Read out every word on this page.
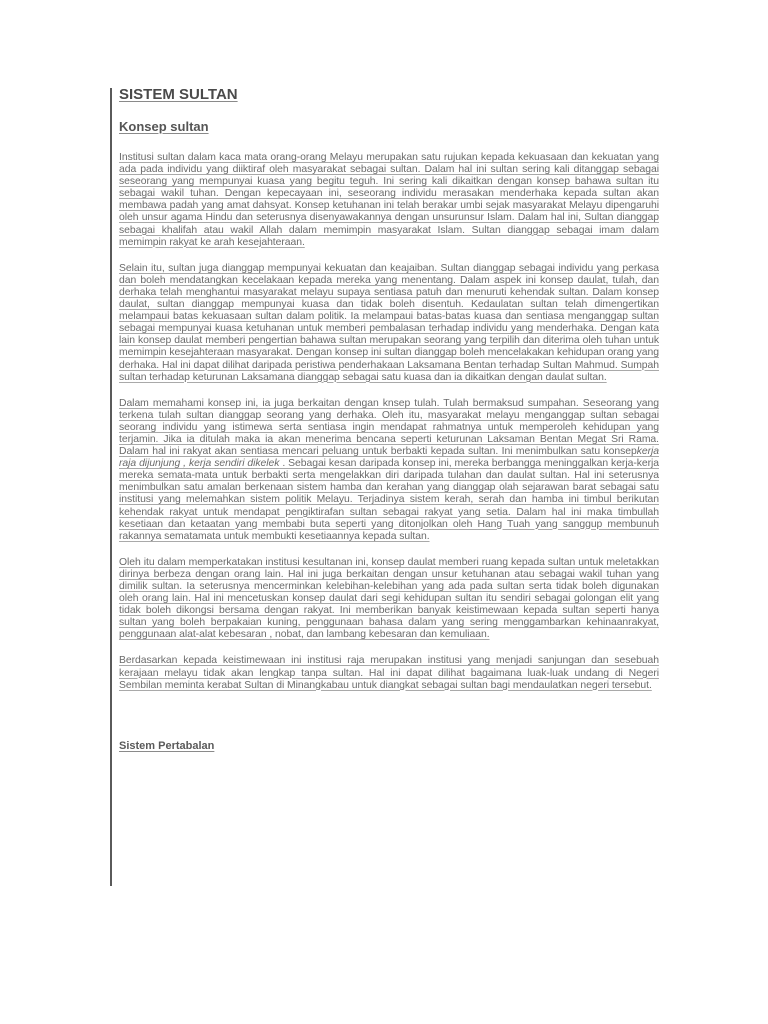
SISTEM SULTAN
Konsep sultan

Institusi sultan dalam kaca mata orang-orang Melayu merupakan satu rujukan kepada kekuasaan dan kekuatan yang ada pada individu yang diiktiraf oleh masyarakat sebagai sultan. Dalam hal ini sultan sering kali ditanggap sebagai seseorang yang mempunyai kuasa yang begitu teguh. Ini sering kali dikaitkan dengan konsep bahawa sultan itu sebagai wakil tuhan. Dengan kepecayaan ini, seseorang individu merasakan menderhaka kepada sultan akan membawa padah yang amat dahsyat. Konsep ketuhanan ini telah berakar umbi sejak masyarakat Melayu dipengaruhi oleh unsur agama Hindu dan seterusnya disenyawakannya dengan unsurunsur Islam. Dalam hal ini, Sultan dianggap sebagai khalifah atau wakil Allah dalam memimpin masyarakat Islam. Sultan dianggap sebagai imam dalam memimpin rakyat ke arah kesejahteraan.

Selain itu, sultan juga dianggap mempunyai kekuatan dan keajaiban. Sultan dianggap sebagai individu yang perkasa dan boleh mendatangkan kecelakaan kepada mereka yang menentang. Dalam aspek ini konsep daulat, tulah, dan derhaka telah menghantui masyarakat melayu supaya sentiasa patuh dan menuruti kehendak sultan. Dalam konsep daulat, sultan dianggap mempunyai kuasa dan tidak boleh disentuh. Kedaulatan sultan telah dimengertikan melampaui batas kekuasaan sultan dalam politik. Ia melampaui batas-batas kuasa dan sentiasa menganggap sultan sebagai mempunyai kuasa ketuhanan untuk memberi pembalasan terhadap individu yang menderhaka. Dengan kata lain konsep daulat memberi pengertian bahawa sultan merupakan seorang yang terpilih dan diterima oleh tuhan untuk memimpin kesejahteraan masyarakat. Dengan konsep ini sultan dianggap boleh mencelakakan kehidupan orang yang derhaka. Hal ini dapat dilihat daripada peristiwa penderhakaan Laksamana Bentan terhadap Sultan Mahmud. Sumpah sultan terhadap keturunan Laksamana dianggap sebagai satu kuasa dan ia dikaitkan dengan daulat sultan.

Dalam memahami konsep ini, ia juga berkaitan dengan knsep tulah. Tulah bermaksud sumpahan. Seseorang yang terkena tulah sultan dianggap seorang yang derhaka. Oleh itu, masyarakat melayu menganggap sultan sebagai seorang individu yang istimewa serta sentiasa ingin mendapat rahmatnya untuk memperoleh kehidupan yang terjamin. Jika ia ditulah maka ia akan menerima bencana seperti keturunan Laksaman Bentan Megat Sri Rama. Dalam hal ini rakyat akan sentiasa mencari peluang untuk berbakti kepada sultan. Ini menimbulkan satu konsepkerja raja dijunjung , kerja sendiri dikelek . Sebagai kesan daripada konsep ini, mereka berbangga meninggalkan kerja-kerja mereka semata-mata untuk berbakti serta mengelakkan diri daripada tulahan dan daulat sultan. Hal ini seterusnya menimbulkan satu amalan berkenaan sistem hamba dan kerahan yang dianggap olah sejarawan barat sebagai satu institusi yang melemahkan sistem politik Melayu. Terjadinya sistem kerah, serah dan hamba ini timbul berikutan kehendak rakyat untuk mendapat pengiktirafan sultan sebagai rakyat yang setia. Dalam hal ini maka timbullah kesetiaan dan ketaatan yang membabi buta seperti yang ditonjolkan oleh Hang Tuah yang sanggup membunuh rakannya sematamata untuk membukti kesetiaannya kepada sultan.

Oleh itu dalam memperkatakan institusi kesultanan ini, konsep daulat memberi ruang kepada sultan untuk meletakkan dirinya berbeza dengan orang lain. Hal ini juga berkaitan dengan unsur ketuhanan atau sebagai wakil tuhan yang dimilik sultan. Ia seterusnya mencerminkan kelebihan-kelebihan yang ada pada sultan serta tidak boleh digunakan oleh orang lain. Hal ini mencetuskan konsep daulat dari segi kehidupan sultan itu sendiri sebagai golongan elit yang tidak boleh dikongsi bersama dengan rakyat. Ini memberikan banyak keistimewaan kepada sultan seperti hanya sultan yang boleh berpakaian kuning, penggunaan bahasa dalam yang sering menggambarkan kehinaanrakyat, penggunaan alat-alat kebesaran , nobat, dan lambang kebesaran dan kemuliaan.

Berdasarkan kepada keistimewaan ini institusi raja merupakan institusi yang menjadi sanjungan dan sesebuah kerajaan melayu tidak akan lengkap tanpa sultan. Hal ini dapat dilihat bagaimana luak-luak undang di Negeri Sembilan meminta kerabat Sultan di Minangkabau untuk diangkat sebagai sultan bagi mendaulatkan negeri tersebut.

Sistem Pertabalan
